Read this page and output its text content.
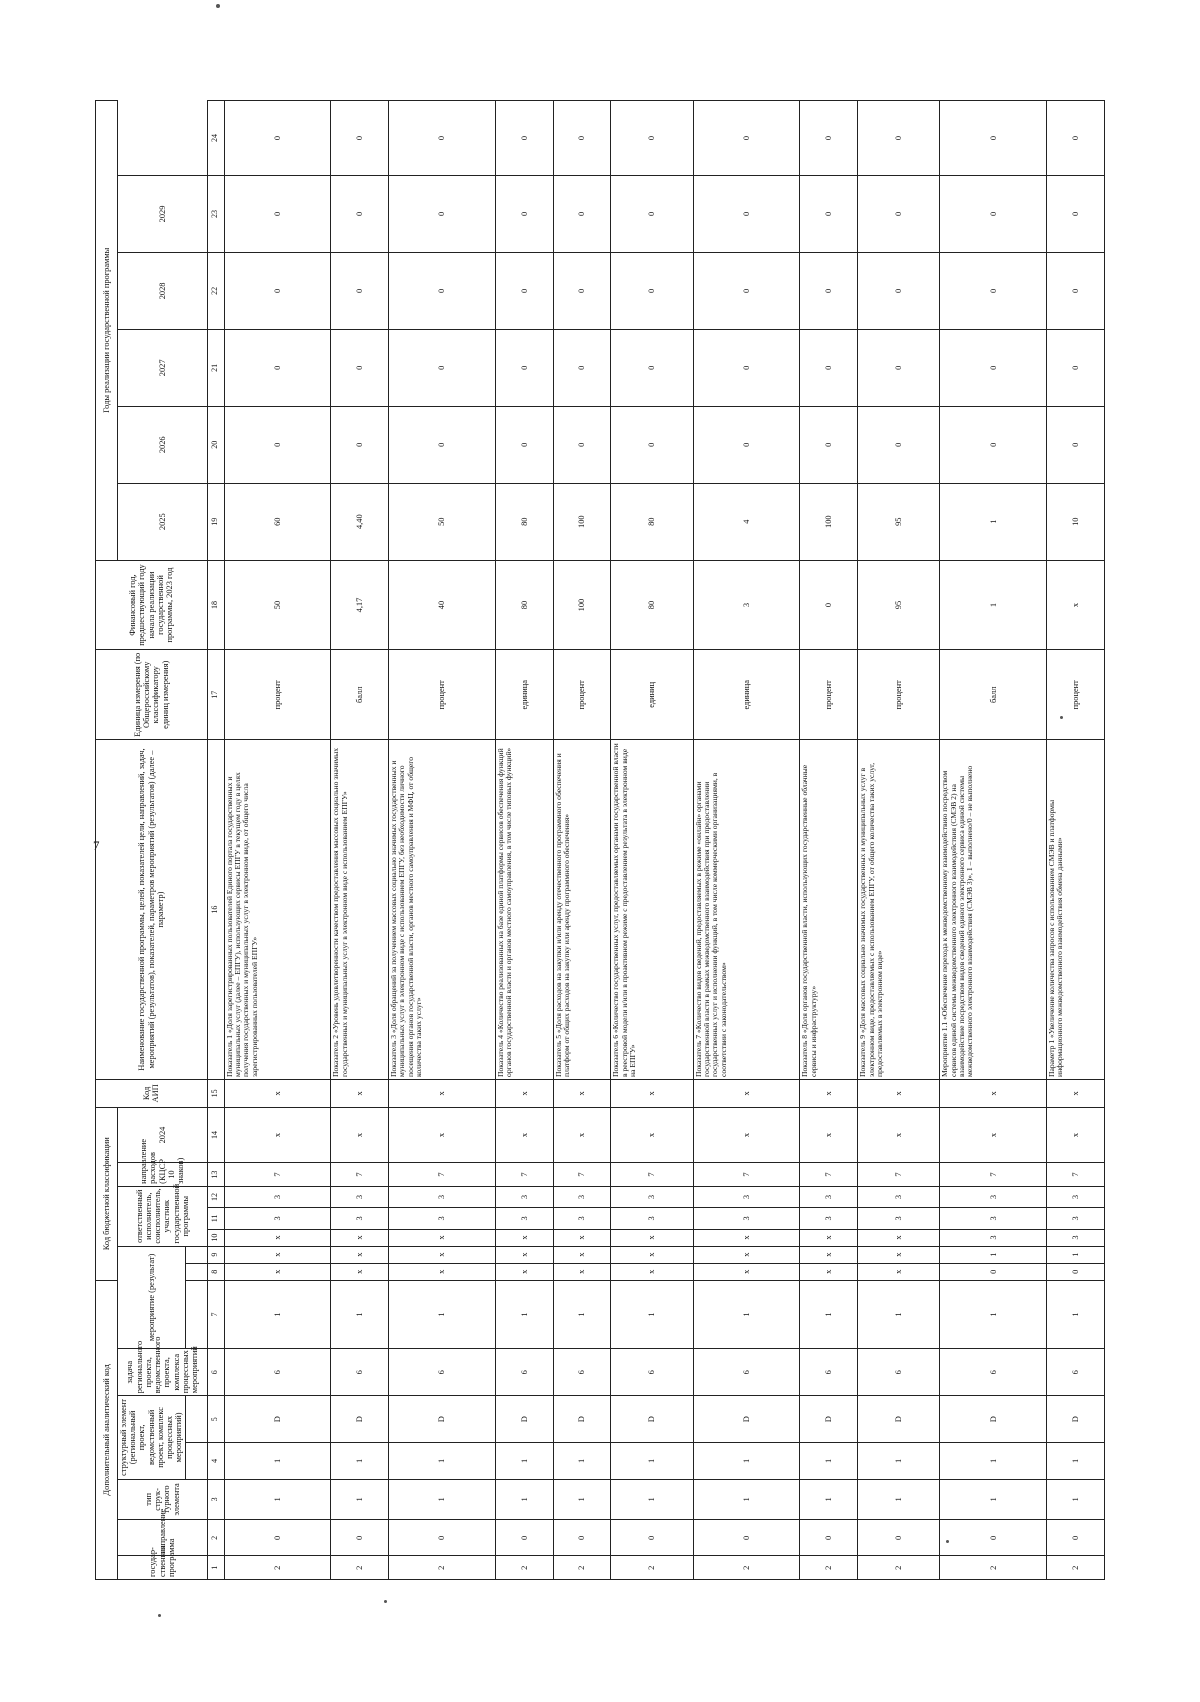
7
Дополнительный аналитический код							Код бюджетной классификации							Код АИП	Наименование государственной программы, целей, показателей цели, направлений, задач, мероприятий (результатов), показателей, параметров мероприятий (результатов) (далее – параметр)	Единица измерения (по Общероссийскому классификатору единиц измерения)	Финансовый год, предшествующий году начала реализации государственной программы, 2023 год	Годы реализации государственной программы					
государ-ственная программа	направление	тип струк-турного элемента	структурный элемент (региональный проект, ведомственный проект, комплекс процессных мероприятий)		задача регионального проекта, ведомственного проекта, комплекса процессных мероприятий	мероприятие (результат)			ответственный исполнитель, соисполнитель, участник государственной программы			направление расходов (КЦСР 10 знаков)	2024					2025	2026	2027	2028	2029	

1	2	3	4	5	6	7	8	9	10	11	12	13	14	15	16	17	18	19	20	21	22	23	24
2	0	1	1	D	6	1	x	x	x	3	3	7	x	x	Показатель 1 «Доля зарегистрированных пользователей Единого портала государственных и муниципальных услуг (далее – ЕПГУ), использующих сервисы ЕПГУ в текущем году в целях получения государственных и муниципальных услуг в электронном виде, от общего числа зарегистрированных пользователей ЕПГУ»	процент	50	60	0	0	0	0	0
2	0	1	1	D	6	1	x	x	x	3	3	7	x	x	Показатель 2 «Уровень удовлетворенности качеством предоставления массовых социально значимых государственных и муниципальных услуг в электронном виде с использованием ЕПГУ»	балл	4,17	4,40	0	0	0	0	0
2	0	1	1	D	6	1	x	x	x	3	3	7	x	x	Показатель 3 «Доля обращений за получением массовых социально значимых государственных и муниципальных услуг в электронном виде с использованием ЕПГУ, без необходимости личного посещения органов государственной власти, органов местного самоуправления и МФЦ, от общего количества таких услуг»	процент	40	50	0	0	0	0	0
2	0	1	1	D	6	1	x	x	x	3	3	7	x	x	Показатель 4 «Количество реализованных на базе единой платформы сервисов обеспечения функций органов государственной власти и органов местного самоуправления, в том числе типовых функций»	единица	80	80	0	0	0	0	0
2	0	1	1	D	6	1	x	x	x	3	3	7	x	x	Показатель 5 «Доля расходов на закупки и/или аренду отечественного программного обеспечения и платформ от общих расходов на закупку или аренду программного обеспечения»	процент	100	100	0	0	0	0	0
2	0	1	1	D	6	1	x	x	x	3	3	7	x	x	Показатель 6 «Количество государственных услуг, предоставляемых органами государственной власти в реестровой модели и/или в проактивном режиме с предоставлением результата в электронном виде на ЕПГУ»	единиц	80	80	0	0	0	0	0
2	0	1	1	D	6	1	x	x	x	3	3	7	x	x	Показатель 7 «Количество видов сведений, предоставляемых в режиме «онлайн» органами государственной власти в рамках межведомственного взаимодействия при предоставлении государственных услуг и исполнении функций, в том числе коммерческими организациями, в соответствии с законодательством»	единица	3	4	0	0	0	0	0
2	0	1	1	D	6	1	x	x	x	3	3	7	x	x	Показатель 8 «Доля органов государственной власти, использующих государственные облачные сервисы и инфраструктуру»	процент	0	100	0	0	0	0	0
2	0	1	1	D	6	1	x	x	x	3	3	7	x	x	Показатель 9 «Доля массовых социально значимых государственных и муниципальных услуг в электронном виде, предоставляемых с использованием ЕПГУ, от общего количества таких услуг, предоставляемых в электронном виде»	процент	95	95	0	0	0	0	0
2	0	1	1	D	6	1	0	1	3	3	3	7	x	x	Мероприятие 1.1 «Обеспечение перехода к межведомственному взаимодействию посредством сервисов единой системы межведомственного электронного взаимодействия (СМЭВ 2) на взаимодействие посредством видов сведений единого электронного сервиса единой системы межведомственного электронного взаимодействия (СМЭВ 3)», 1 – выполнено/0 – не выполнено	балл	1	1	0	0	0	0	0
2	0	1	1	D	6	1	0	1	3	3	3	7	x	x	Параметр 1 «Увеличение количества запросов с использованием СМЭВ и платформы информационного межведомственного взаимодействия обмена данными»	процент	x	10	0	0	0	0	0
